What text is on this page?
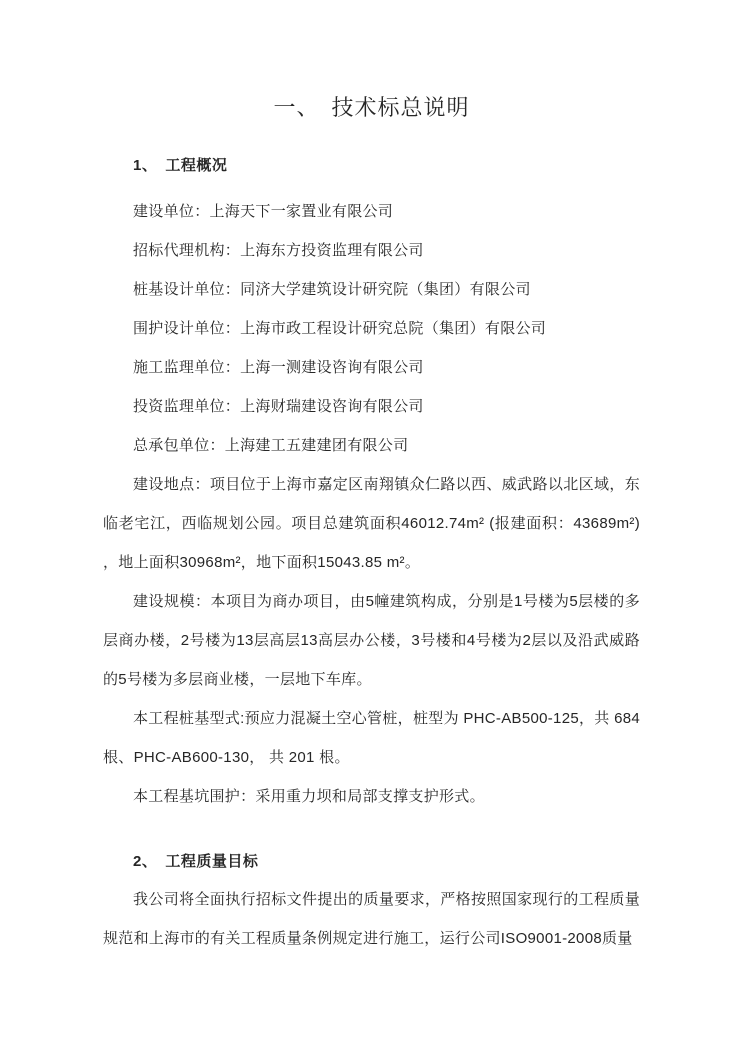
一、 技术标总说明
1、 工程概况

建设单位：上海天下一家置业有限公司

招标代理机构：上海东方投资监理有限公司

桩基设计单位：同济大学建筑设计研究院（集团）有限公司

围护设计单位：上海市政工程设计研究总院（集团）有限公司

施工监理单位：上海一测建设咨询有限公司

投资监理单位：上海财瑞建设咨询有限公司

总承包单位：上海建工五建建团有限公司

建设地点：项目位于上海市嘉定区南翔镇众仁路以西、威武路以北区域，东临老宅江，西临规划公园。项目总建筑面积46012.74m² (报建面积：43689m²) ，地上面积30968m²，地下面积15043.85 m²。

建设规模：本项目为商办项目，由5幢建筑构成，分别是1号楼为5层楼的多层商办楼，2号楼为13层高层13高层办公楼，3号楼和4号楼为2层以及沿武威路的5号楼为多层商业楼，一层地下车库。

本工程桩基型式:预应力混凝土空心管桩，桩型为 PHC-AB500-125，共 684 根、PHC-AB600-130， 共 201 根。

本工程基坑围护：采用重力坝和局部支撑支护形式。

2、 工程质量目标

我公司将全面执行招标文件提出的质量要求，严格按照国家现行的工程质量规范和上海市的有关工程质量条例规定进行施工，运行公司ISO9001-2008质量
